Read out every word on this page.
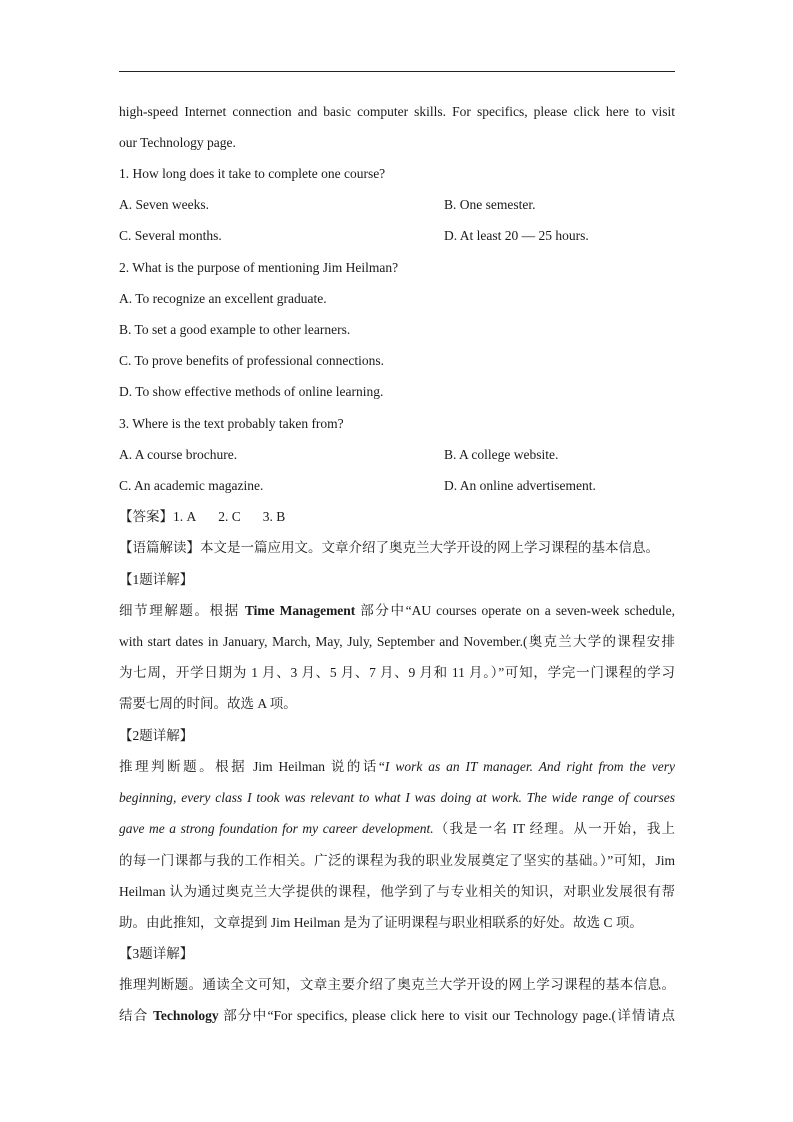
high-speed Internet connection and basic computer skills. For specifics, please click here to visit
our Technology page.
1. How long does it take to complete one course?
A. Seven weeks.	B. One semester.
C. Several months.	D. At least 20 — 25 hours.
2. What is the purpose of mentioning Jim Heilman?
A. To recognize an excellent graduate.
B. To set a good example to other learners.
C. To prove benefits of professional connections.
D. To show effective methods of online learning.
3. Where is the text probably taken from?
A. A course brochure.	B. A college website.
C. An academic magazine.	D. An online advertisement.
【答案】1. A 2. C 3. B
【语篇解读】本文是一篇应用文。文章介绍了奥克兰大学开设的网上学习课程的基本信息。
【1题详解】
细节理解题。根据 Time Management 部分中“AU courses operate on a seven-week schedule,
with start dates in January, March, May, July, September and November.(奥克兰大学的课程安排
为七周，开学日期为 1 月、3 月、5 月、7 月、9 月和 11 月。）”可知，学完一门课程的学习
需要七周的时间。故选 A 项。
【2题详解】
推理判断题。根据 Jim Heilman 说的话“I work as an IT manager. And right from the very
beginning, every class I took was relevant to what I was doing at work. The wide range of courses
gave me a strong foundation for my career development.（我是一名 IT 经理。从一开始，我上
的每一门课都与我的工作相关。广泛的课程为我的职业发展奠定了坚实的基础。）”可知，Jim
Heilman 认为通过奥克兰大学提供的课程，他学到了与专业相关的知识，对职业发展很有帮
助。由此推知，文章提到 Jim Heilman 是为了证明课程与职业相联系的好处。故选 C 项。
【3题详解】
推理判断题。通读全文可知，文章主要介绍了奥克兰大学开设的网上学习课程的基本信息。
结合 Technology 部分中“For specifics, please click here to visit our Technology page.(详情请点
